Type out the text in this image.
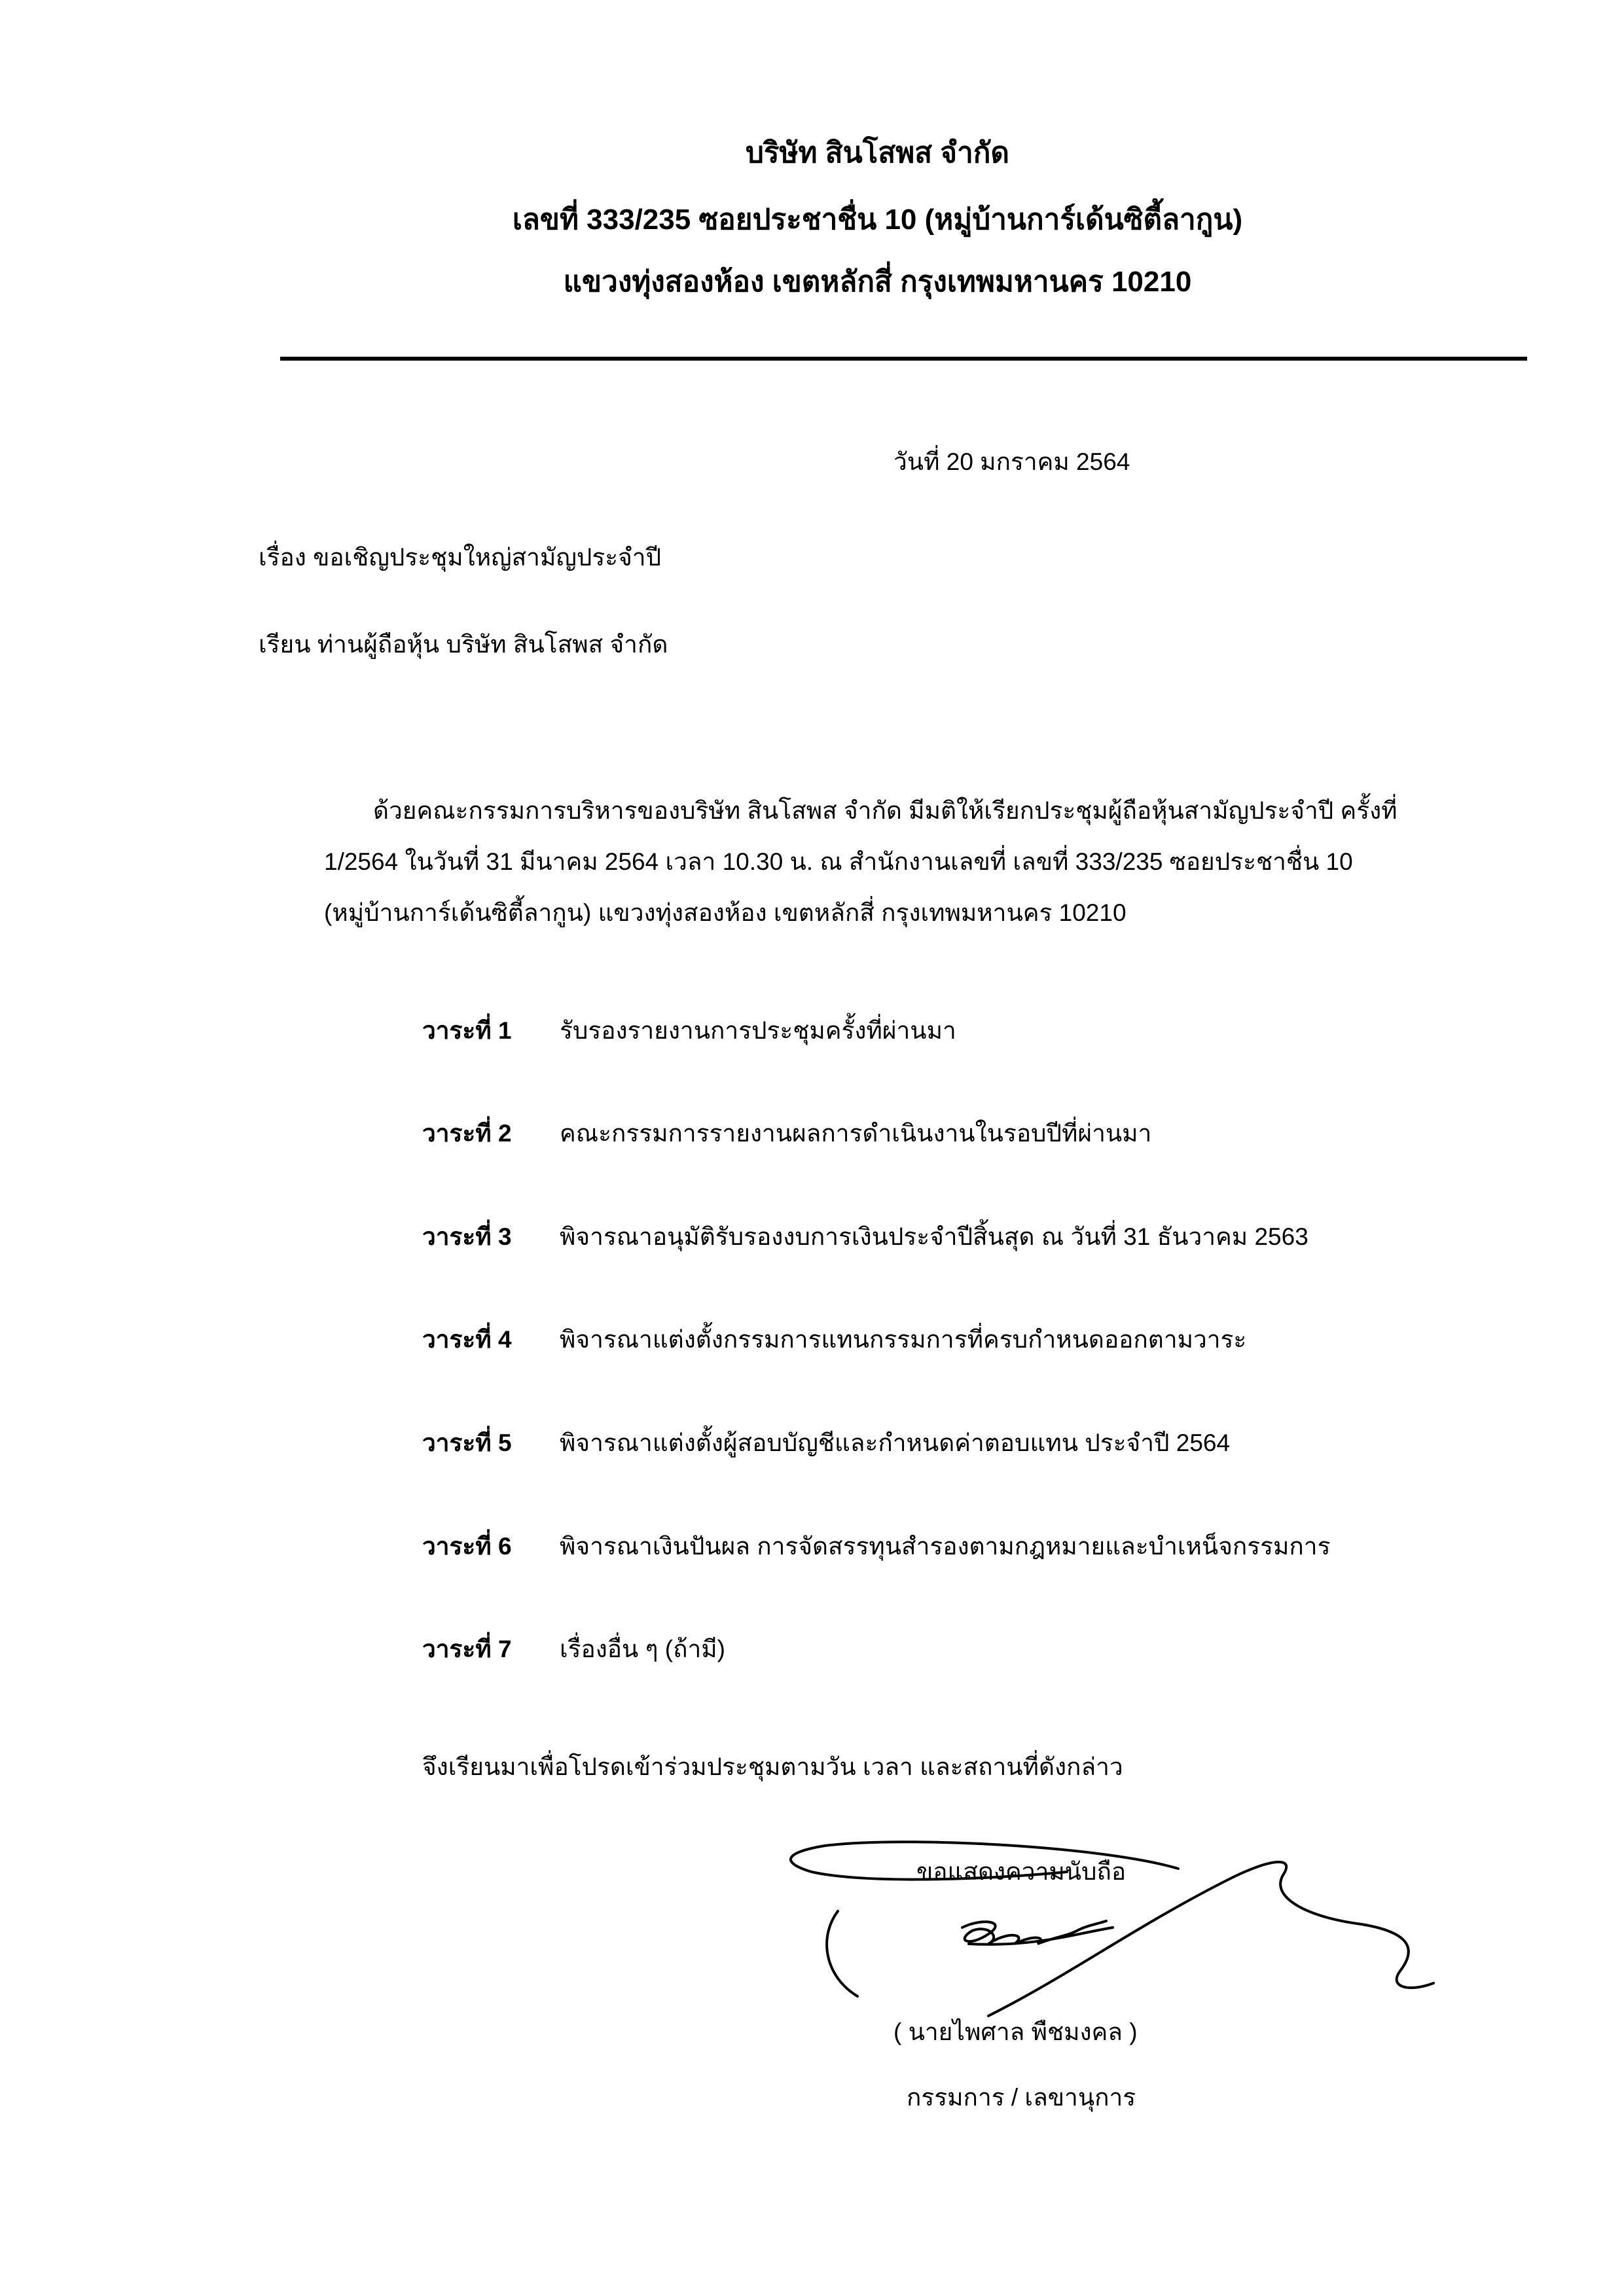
บริษัท สินโสพส จำกัด
เลขที่ 333/235 ซอยประชาชื่น 10 (หมู่บ้านการ์เด้นซิตี้ลากูน)
แขวงทุ่งสองห้อง เขตหลักสี่ กรุงเทพมหานคร 10210
วันที่ 20 มกราคม 2564
เรื่อง ขอเชิญประชุมใหญ่สามัญประจำปี
เรียน ท่านผู้ถือหุ้น บริษัท สินโสพส จำกัด
ด้วยคณะกรรมการบริหารของบริษัท สินโสพส จำกัด มีมติให้เรียกประชุมผู้ถือหุ้นสามัญประจำปี ครั้งที่
1/2564 ในวันที่ 31 มีนาคม 2564 เวลา 10.30 น. ณ สำนักงานเลขที่ เลขที่ 333/235 ซอยประชาชื่น 10
(หมู่บ้านการ์เด้นซิตี้ลากูน) แขวงทุ่งสองห้อง เขตหลักสี่ กรุงเทพมหานคร 10210
วาระที่ 1 รับรองรายงานการประชุมครั้งที่ผ่านมา
วาระที่ 2 คณะกรรมการรายงานผลการดำเนินงานในรอบปีที่ผ่านมา
วาระที่ 3 พิจารณาอนุมัติรับรองงบการเงินประจำปีสิ้นสุด ณ วันที่ 31 ธันวาคม 2563
วาระที่ 4 พิจารณาแต่งตั้งกรรมการแทนกรรมการที่ครบกำหนดออกตามวาระ
วาระที่ 5 พิจารณาแต่งตั้งผู้สอบบัญชีและกำหนดค่าตอบแทน ประจำปี 2564
วาระที่ 6 พิจารณาเงินปันผล การจัดสรรทุนสำรองตามกฎหมายและบำเหน็จกรรมการ
วาระที่ 7 เรื่องอื่น ๆ (ถ้ามี)
จึงเรียนมาเพื่อโปรดเข้าร่วมประชุมตามวัน เวลา และสถานที่ดังกล่าว
ขอแสดงความนับถือ
( นายไพศาล พืชมงคล )
กรรมการ / เลขานุการ
